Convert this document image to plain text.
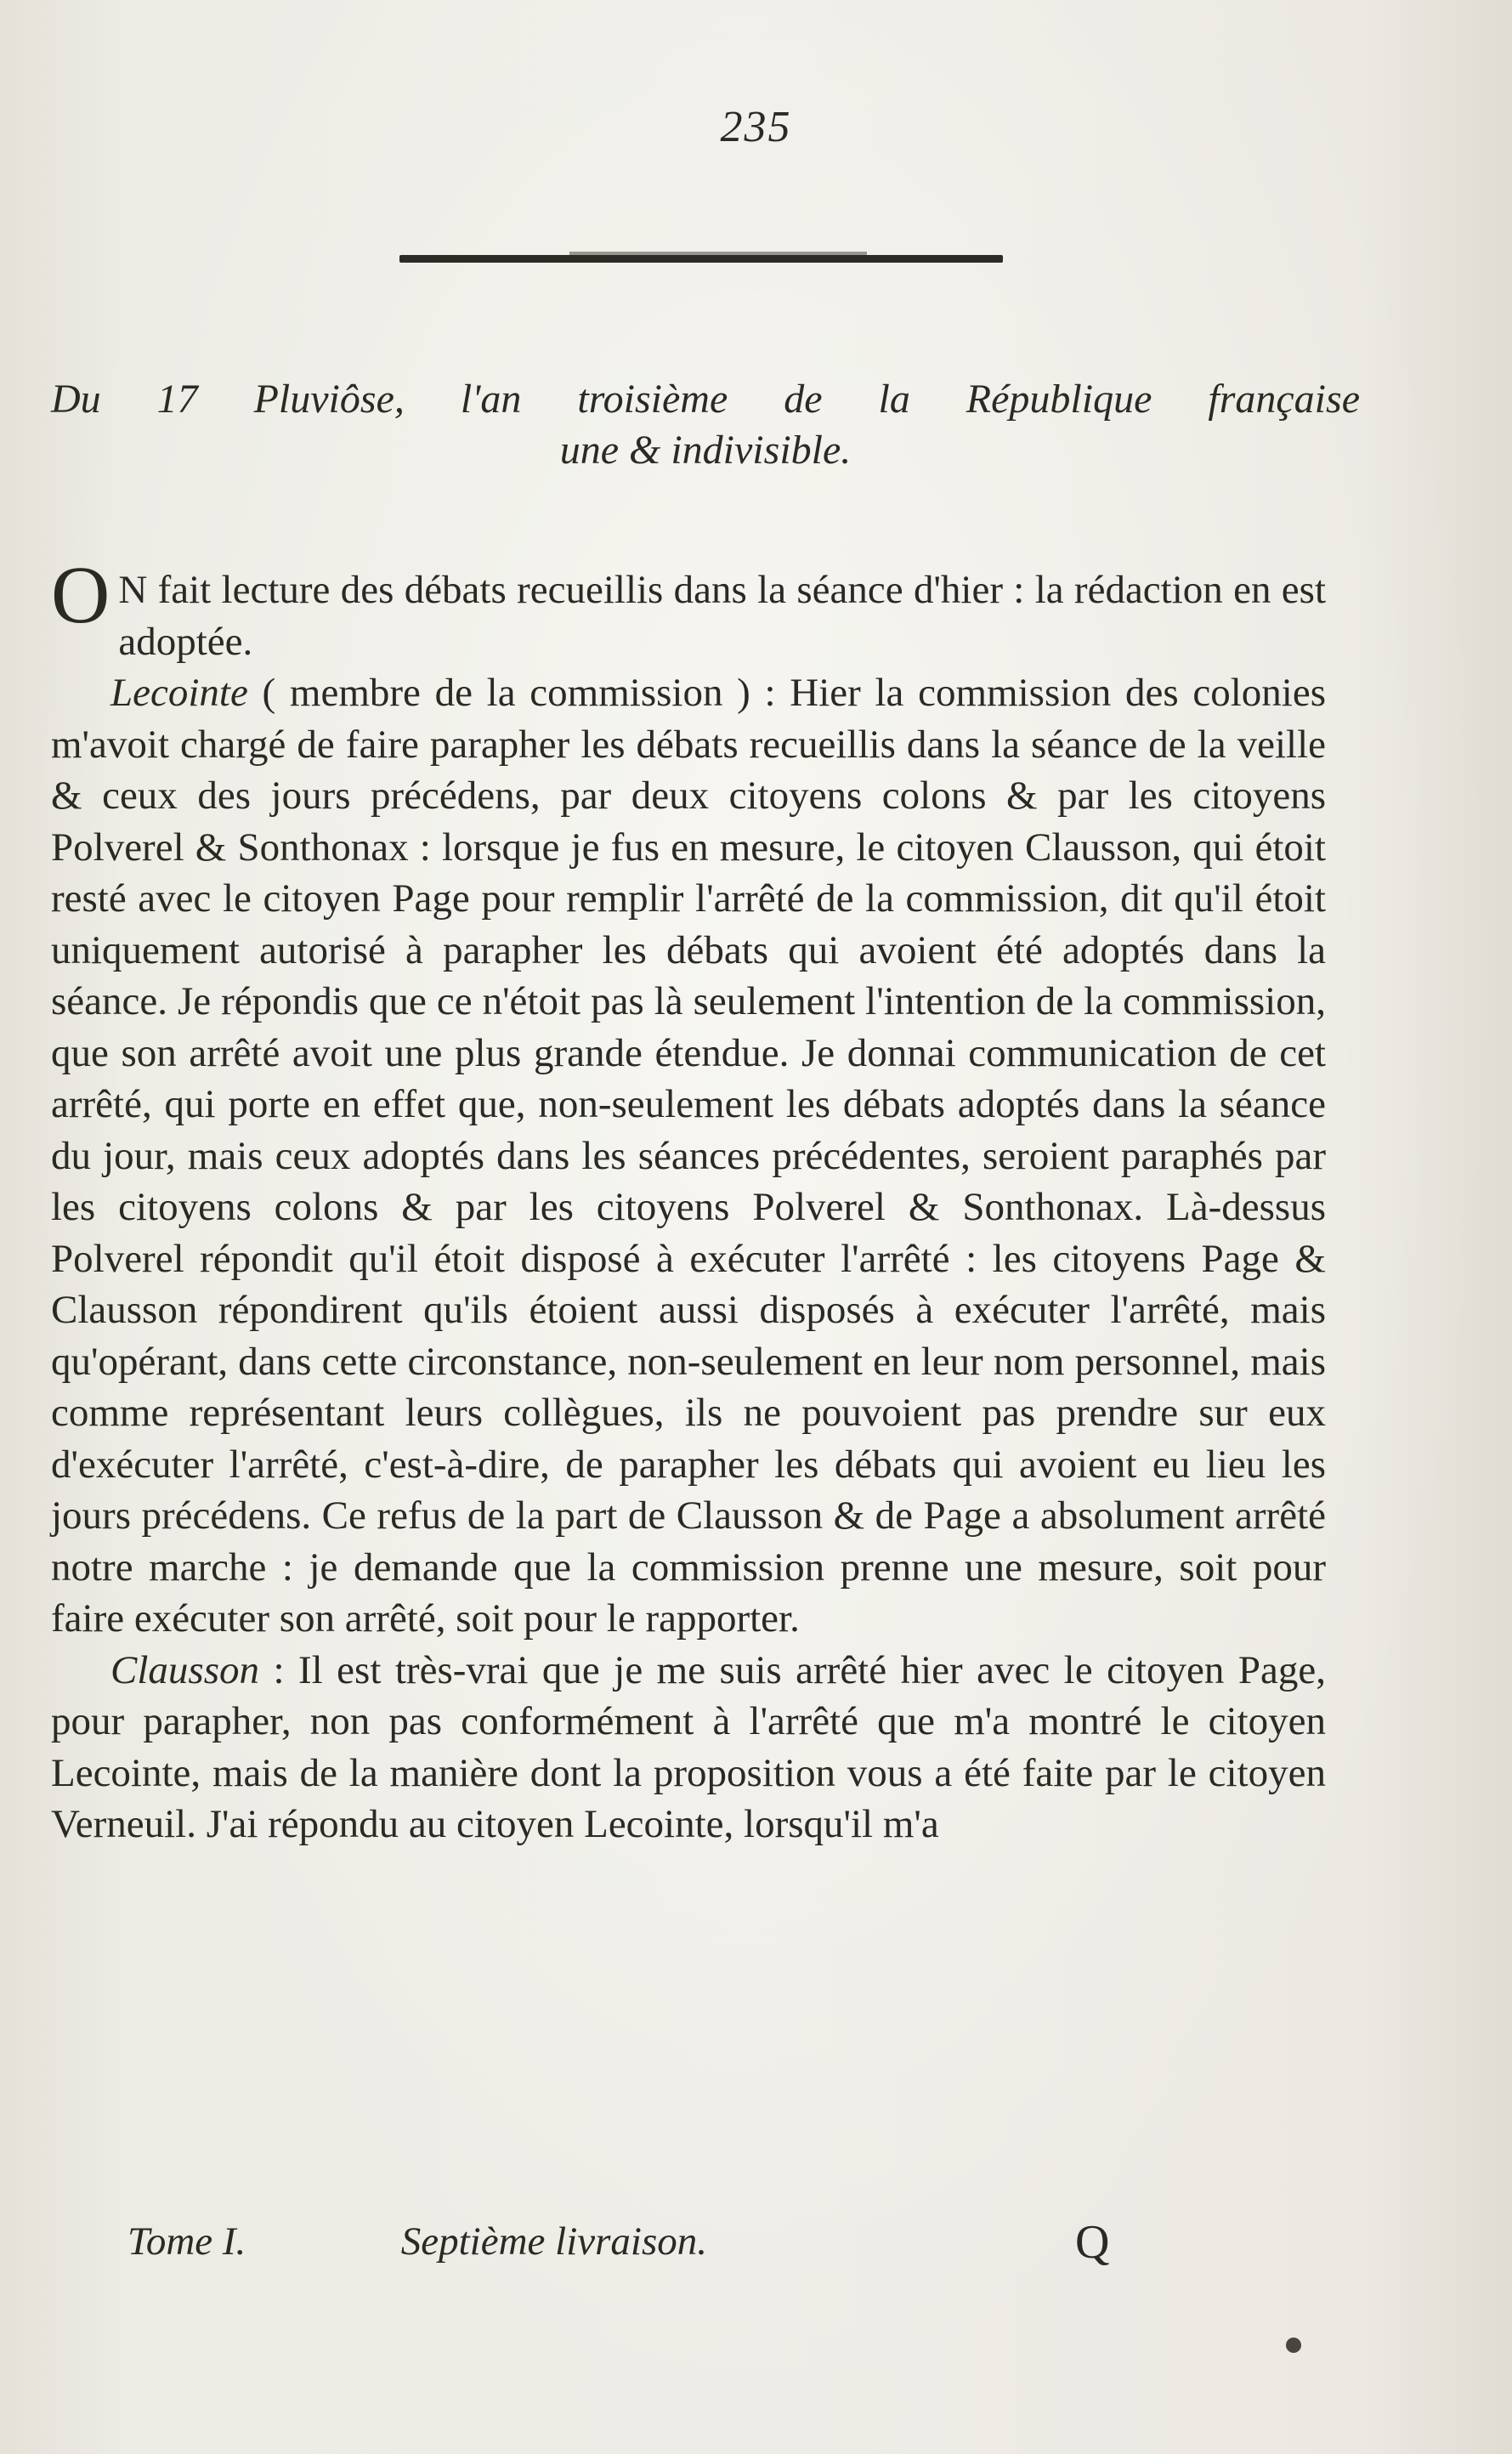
235
Du 17 Pluviôse, l'an troisième de la République française
une & indivisible.

O N fait lecture des débats recueillis dans la séance d'hier : la rédaction en est adoptée.

Lecointe ( membre de la commission ) : Hier la commission des colonies m'avoit chargé de faire parapher les débats recueillis dans la séance de la veille & ceux des jours précédens, par deux citoyens colons & par les citoyens Polverel & Sonthonax : lorsque je fus en mesure, le citoyen Clausson, qui étoit resté avec le citoyen Page pour remplir l'arrêté de la commission, dit qu'il étoit uniquement autorisé à parapher les débats qui avoient été adoptés dans la séance. Je répondis que ce n'étoit pas là seulement l'intention de la commission, que son arrêté avoit une plus grande étendue. Je donnai communication de cet arrêté, qui porte en effet que, non-seulement les débats adoptés dans la séance du jour, mais ceux adoptés dans les séances précédentes, seroient paraphés par les citoyens colons & par les citoyens Polverel & Sonthonax. Là-dessus Polverel répondit qu'il étoit disposé à exécuter l'arrêté : les citoyens Page & Clausson répondirent qu'ils étoient aussi disposés à exécuter l'arrêté, mais qu'opérant, dans cette circonstance, non-seulement en leur nom personnel, mais comme représentant leurs collègues, ils ne pouvoient pas prendre sur eux d'exécuter l'arrêté, c'est-à-dire, de parapher les débats qui avoient eu lieu les jours précédens. Ce refus de la part de Clausson & de Page a absolument arrêté notre marche : je demande que la commission prenne une mesure, soit pour faire exécuter son arrêté, soit pour le rapporter.

Clausson : Il est très-vrai que je me suis arrêté hier avec le citoyen Page, pour parapher, non pas conformément à l'arrêté que m'a montré le citoyen Lecointe, mais de la manière dont la proposition vous a été faite par le citoyen Verneuil. J'ai répondu au citoyen Lecointe, lorsqu'il m'a

Tome I.	Septième livraison.	Q
